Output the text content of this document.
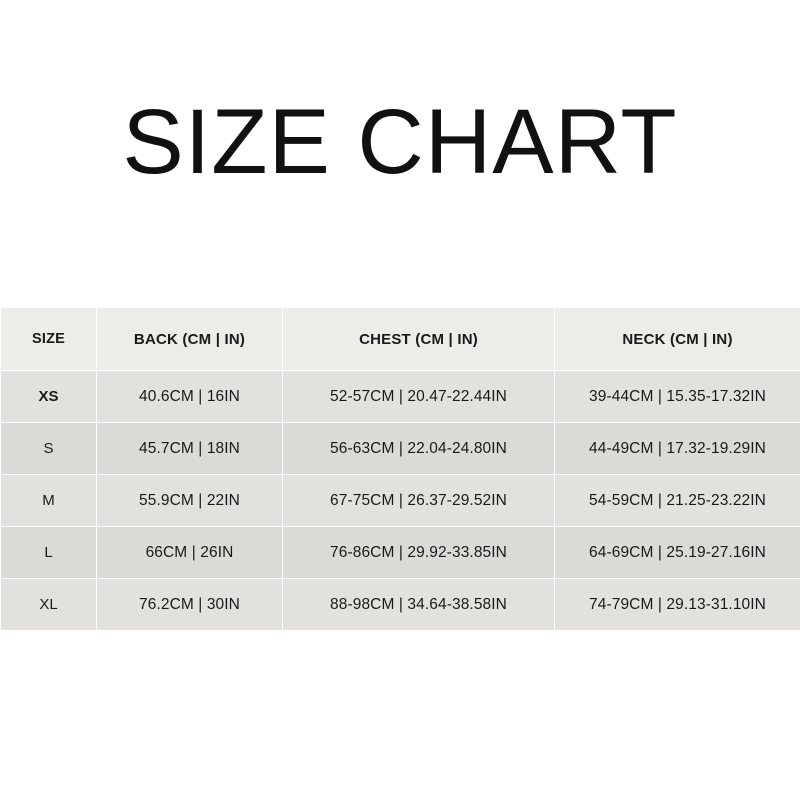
SIZE CHART
SIZE	BACK (CM | IN)	CHEST (CM | IN)	NECK (CM | IN)
XS	40.6CM | 16IN	52-57CM | 20.47-22.44IN	39-44CM | 15.35-17.32IN
S	45.7CM | 18IN	56-63CM | 22.04-24.80IN	44-49CM | 17.32-19.29IN
M	55.9CM | 22IN	67-75CM | 26.37-29.52IN	54-59CM | 21.25-23.22IN
L	66CM | 26IN	76-86CM | 29.92-33.85IN	64-69CM | 25.19-27.16IN
XL	76.2CM | 30IN	88-98CM | 34.64-38.58IN	74-79CM | 29.13-31.10IN
